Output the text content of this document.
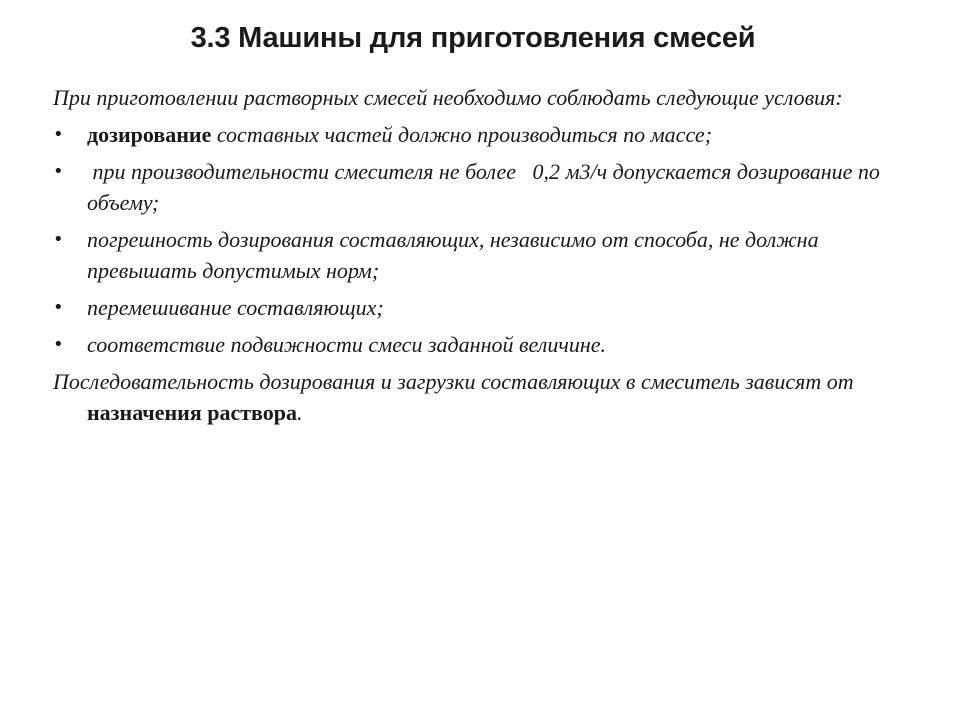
3.3 Машины для приготовления смесей

При приготовлении растворных смесей необходимо соблюдать следующие условия:

•	дозирование составных частей должно производиться по массе;
•	при производительности смесителя не более   0,2 м3/ч допускается дозирование по объему;
•	погрешность дозирования составляющих, независимо от способа, не должна превышать допустимых норм;
•	перемешивание составляющих;
•	соответствие подвижности смеси заданной величине.

Последовательность дозирования и загрузки составляющих в смеситель зависят от назначения раствора.
